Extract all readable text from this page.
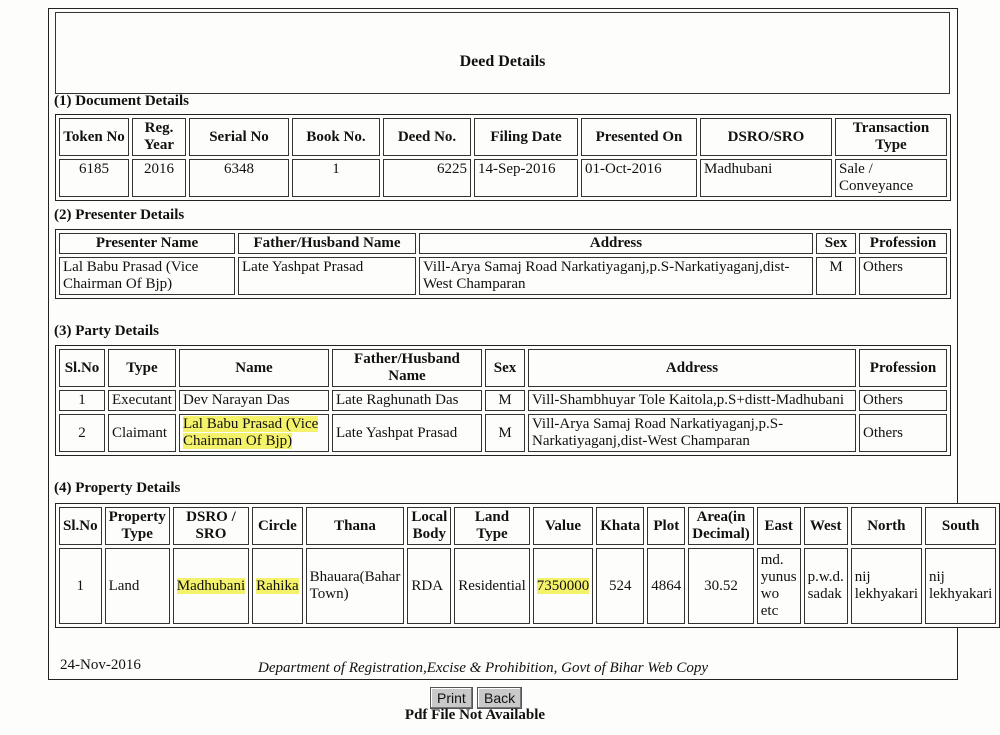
Deed Details
(1) Document Details
Token No	Reg. Year	Serial No	Book No.	Deed No.	Filing Date	Presented On	DSRO/SRO	Transaction Type
6185	2016	6348	1	6225	14-Sep-2016	01-Oct-2016	Madhubani	Sale / Conveyance
(2) Presenter Details
Presenter Name	Father/Husband Name	Address	Sex	Profession
Lal Babu Prasad (Vice Chairman Of Bjp)	Late Yashpat Prasad	Vill-Arya Samaj Road Narkatiyaganj,p.S-Narkatiyaganj,dist-West Champaran	M	Others
(3) Party Details
Sl.No	Type	Name	Father/Husband Name	Sex	Address	Profession
1	Executant	Dev Narayan Das	Late Raghunath Das	M	Vill-Shambhuyar Tole Kaitola,p.S+distt-Madhubani	Others
2	Claimant	Lal Babu Prasad (Vice Chairman Of Bjp)	Late Yashpat Prasad	M	Vill-Arya Samaj Road Narkatiyaganj,p.S-Narkatiyaganj,dist-West Champaran	Others
(4) Property Details
Sl.No	Property Type	DSRO / SRO	Circle	Thana	Local Body	Land Type	Value	Khata	Plot	Area(in Decimal)	East	West	North	South
1	Land	Madhubani	Rahika	Bhauara(Bahar Town)	RDA	Residential	7350000	524	4864	30.52	md. yunus wo etc	p.w.d. sadak	nij lekhyakari	nij lekhyakari
24-Nov-2016	Department of Registration,Excise & Prohibition, Govt of Bihar Web Copy
Print	Back
Pdf File Not Available
